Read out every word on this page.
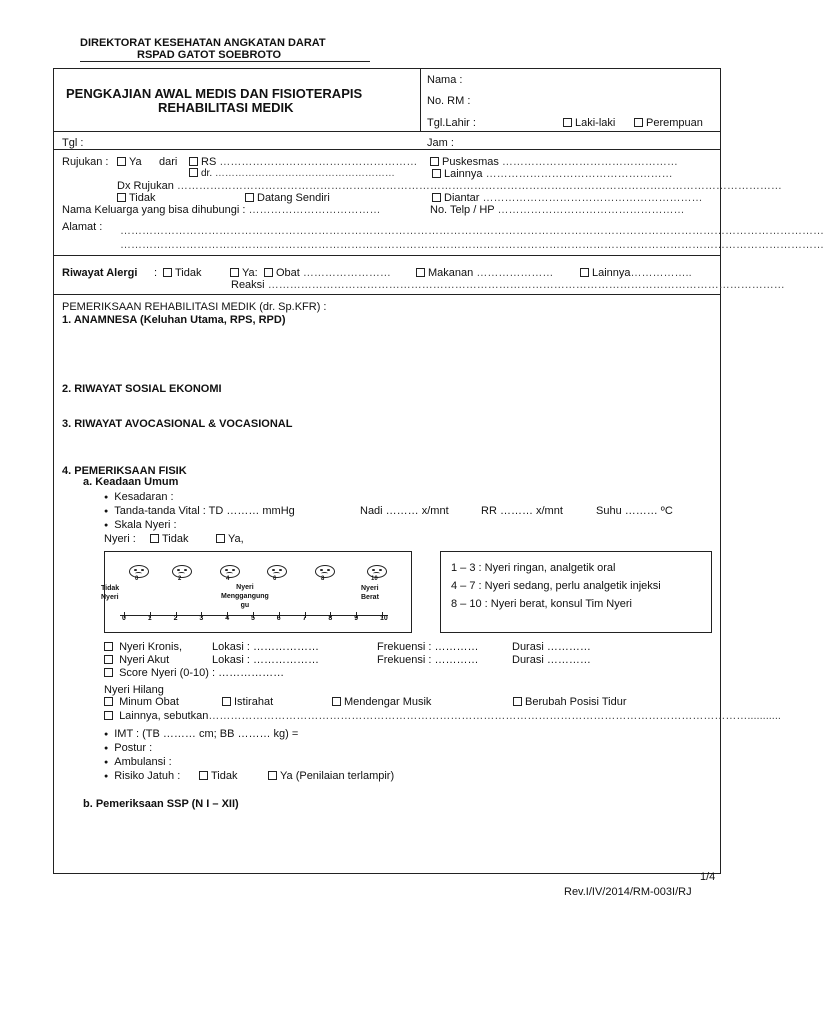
DIREKTORAT KESEHATAN ANGKATAN DARAT
RSPAD GATOT SOEBROTO
PENGKAJIAN AWAL MEDIS DAN FISIOTERAPIS
REHABILITASI MEDIK
Nama :
No. RM :
Tgl.Lahir :	Laki-laki	Perempuan
Tgl :	Jam :
Rujukan :	Ya dari	RS ………………………………………………	Puskesmas …………………………………………
dr. ………………………………………………	Lainnya ……………………………………………
Dx Rujukan …………………………………………………………………………………………………………………………………………………
Tidak	Datang Sendiri	Diantar ……………………………………………………
Nama Keluarga yang bisa dihubungi : ………………………………	No. Telp / HP ……………………………………………
Alamat : …………………………………………………………………………………………………………………………………………………………………………
…………………………………………………………………………………………………………………………………………………………………………
Riwayat Alergi :	Tidak	Ya:	Obat ……………………	Makanan …………………	Lainnya……………..
Reaksi ……………………………………………………………………………………………………………………………
PEMERIKSAAN REHABILITASI MEDIK (dr. Sp.KFR) :
1. ANAMNESA (Keluhan Utama, RPS, RPD)
2. RIWAYAT SOSIAL EKONOMI
3. RIWAYAT AVOCASIONAL & VOCASIONAL
4. PEMERIKSAAN FISIK
a. Keadaan Umum
● Kesadaran :
● Tanda-tanda Vital : TD ……… mmHg	Nadi ……… x/mnt	RR ……… x/mnt	Suhu ……… ºC
● Skala Nyeri :
Nyeri :	Tidak	Ya,
0	2	4	6	8	10
Tidak
Nyeri
Nyeri
Menggangung
gu
Nyeri
Berat
0	1	2	3	4	5	6	7	8	9	10
1 – 3 : Nyeri ringan, analgetik oral
4 – 7 : Nyeri sedang, perlu analgetik injeksi
8 – 10 : Nyeri berat, konsul Tim Nyeri
Nyeri Kronis,	Lokasi : ………………	Frekuensi : …………	Durasi …………
Nyeri Akut	Lokasi : ………………	Frekuensi : …………	Durasi …………
Score Nyeri (0-10) : ………………
Nyeri Hilang
Minum Obat	Istirahat	Mendengar Musik	Berubah Posisi Tidur
Lainnya, sebutkan…………………………………………………………………………………………………………………………………...........
● IMT : (TB ……… cm; BB ……… kg) =
● Postur :
● Ambulansi :
● Risiko Jatuh :	Tidak	Ya (Penilaian terlampir)
b. Pemeriksaan SSP (N I – XII)
1/4
Rev.I/IV/2014/RM-003I/RJ
